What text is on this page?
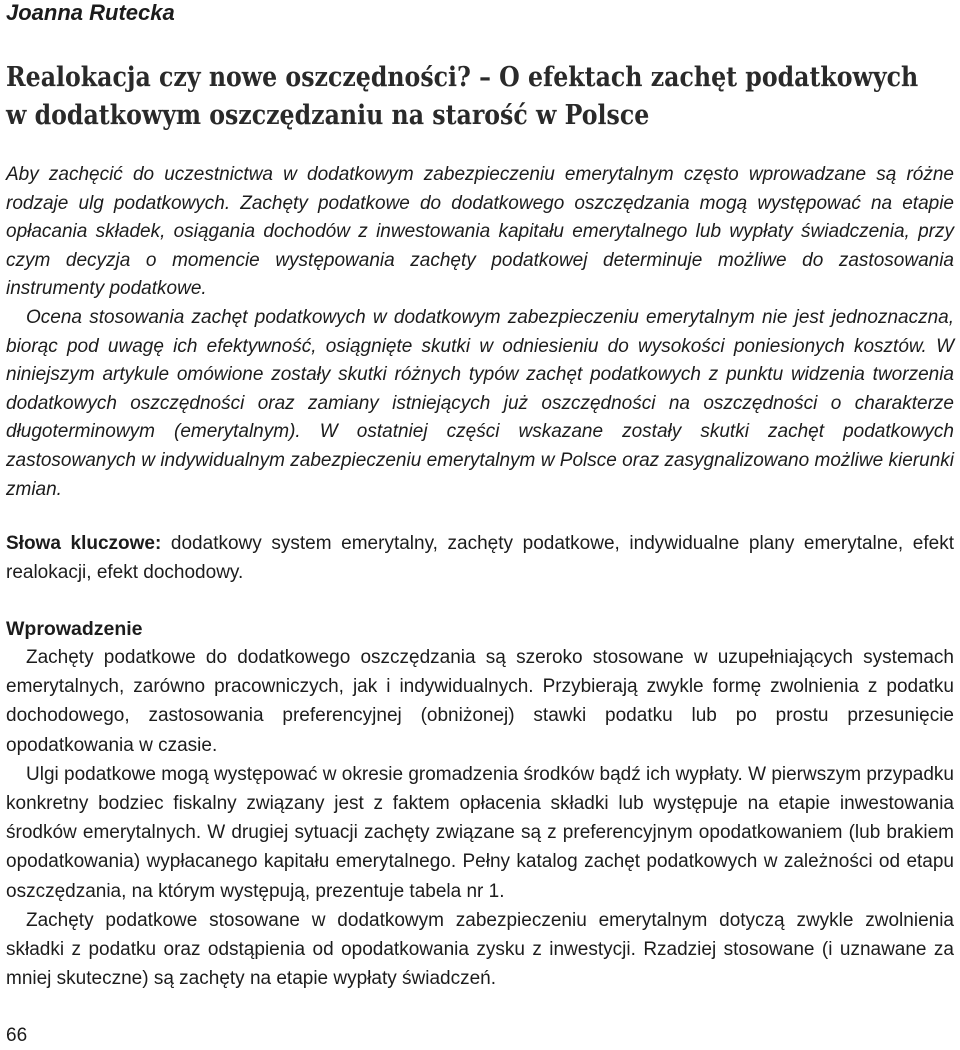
Joanna Rutecka
Realokacja czy nowe oszczędności? – O efektach zachęt podatkowych
w dodatkowym oszczędzaniu na starość w Polsce

Aby zachęcić do uczestnictwa w dodatkowym zabezpieczeniu emerytalnym często wprowadzane są różne rodzaje ulg podatkowych. Zachęty podatkowe do dodatkowego oszczędzania mogą występować na etapie opłacania składek, osiągania dochodów z inwestowania kapitału emerytalnego lub wypłaty świadczenia, przy czym decyzja o momencie występowania zachęty podatkowej determinuje możliwe do zastosowania instrumenty podatkowe.

Ocena stosowania zachęt podatkowych w dodatkowym zabezpieczeniu emerytalnym nie jest jednoznaczna, biorąc pod uwagę ich efektywność, osiągnięte skutki w odniesieniu do wysokości poniesionych kosztów. W niniejszym artykule omówione zostały skutki różnych typów zachęt podatkowych z punktu widzenia tworzenia dodatkowych oszczędności oraz zamiany istniejących już oszczędności na oszczędności o charakterze długoterminowym (emerytalnym). W ostatniej części wskazane zostały skutki zachęt podatkowych zastosowanych w indywidualnym zabezpieczeniu emerytalnym w Polsce oraz zasygnalizowano możliwe kierunki zmian.

Słowa kluczowe: dodatkowy system emerytalny, zachęty podatkowe, indywidualne plany emerytalne, efekt realokacji, efekt dochodowy.

Wprowadzenie

Zachęty podatkowe do dodatkowego oszczędzania są szeroko stosowane w uzupełniających systemach emerytalnych, zarówno pracowniczych, jak i indywidualnych. Przybierają zwykle formę zwolnienia z podatku dochodowego, zastosowania preferencyjnej (obniżonej) stawki podatku lub po prostu przesunięcie opodatkowania w czasie.

Ulgi podatkowe mogą występować w okresie gromadzenia środków bądź ich wypłaty. W pierwszym przypadku konkretny bodziec fiskalny związany jest z faktem opłacenia składki lub występuje na etapie inwestowania środków emerytalnych. W drugiej sytuacji zachęty związane są z preferencyjnym opodatkowaniem (lub brakiem opodatkowania) wypłacanego kapitału emerytalnego. Pełny katalog zachęt podatkowych w zależności od etapu oszczędzania, na którym występują, prezentuje tabela nr 1.

Zachęty podatkowe stosowane w dodatkowym zabezpieczeniu emerytalnym dotyczą zwykle zwolnienia składki z podatku oraz odstąpienia od opodatkowania zysku z inwestycji. Rzadziej stosowane (i uznawane za mniej skuteczne) są zachęty na etapie wypłaty świadczeń.

66
